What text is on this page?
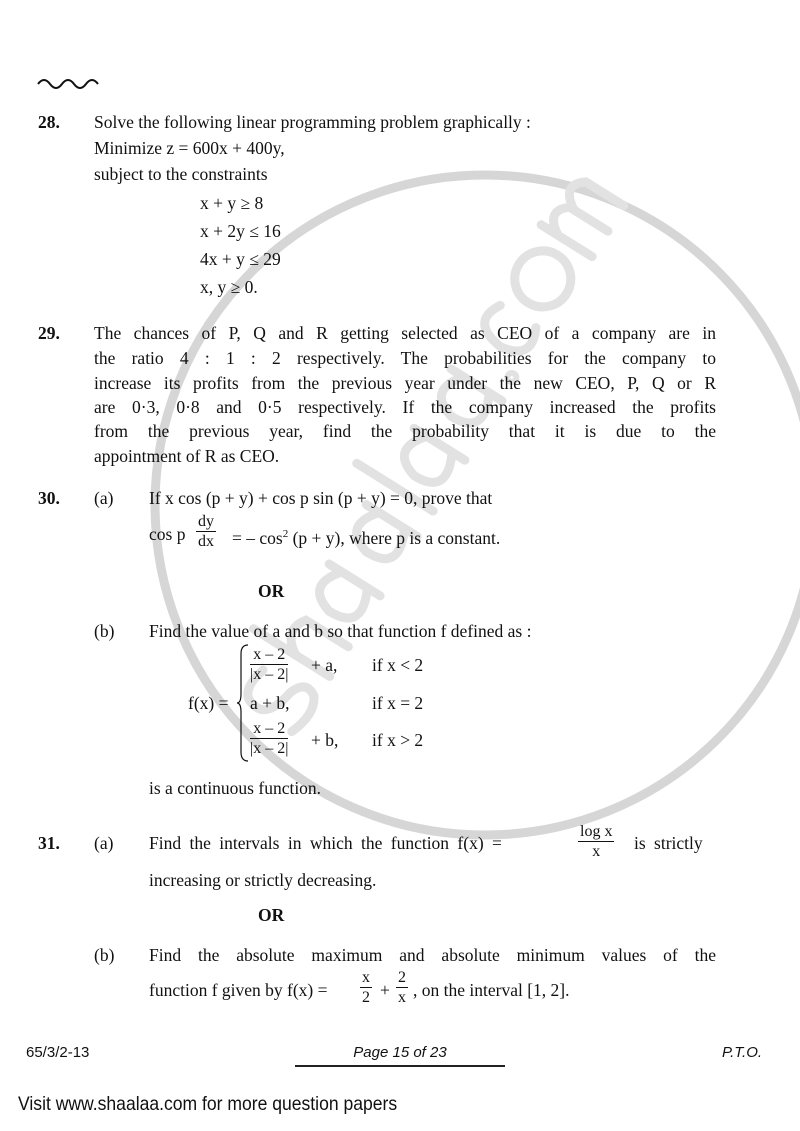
28. Solve the following linear programming problem graphically :
Minimize z = 600x + 400y,
subject to the constraints
x + y ≥ 8
x + 2y ≤ 16
4x + y ≤ 29
x, y ≥ 0.
29. The chances of P, Q and R getting selected as CEO of a company are in
the ratio 4 : 1 : 2 respectively. The probabilities for the company to
increase its profits from the previous year under the new CEO, P, Q or R
are 0·3, 0·8 and 0·5 respectively. If the company increased the profits
from the previous year, find the probability that it is due to the
appointment of R as CEO.
30. (a) If x cos (p + y) + cos p sin (p + y) = 0, prove that
cos p $\frac{dy}{dx}$ = – $\cos^2 (p + y)$, where p is a constant.
OR
(b) Find the value of a and b so that function f defined as :
f(x) =
$\frac{x - 2}{|x - 2|} + a$, if x < 2
a + b,	if x = 2
$\frac{x - 2}{|x - 2|} + b$, if x > 2
is a continuous function.
31. (a) Find the intervals in which the function f(x) =	$\frac{\text{log x}}{x}$ is strictly
increasing or strictly decreasing.
OR
(b) Find the absolute maximum and absolute minimum values of the
function f given by $f(x) = \frac{x}{2} + \frac{2}{x}$ , on the interval [1, 2].
65/3/2-13	Page 15 of 23	P.T.O.
Visit www.shaalaa.com for more question papers
